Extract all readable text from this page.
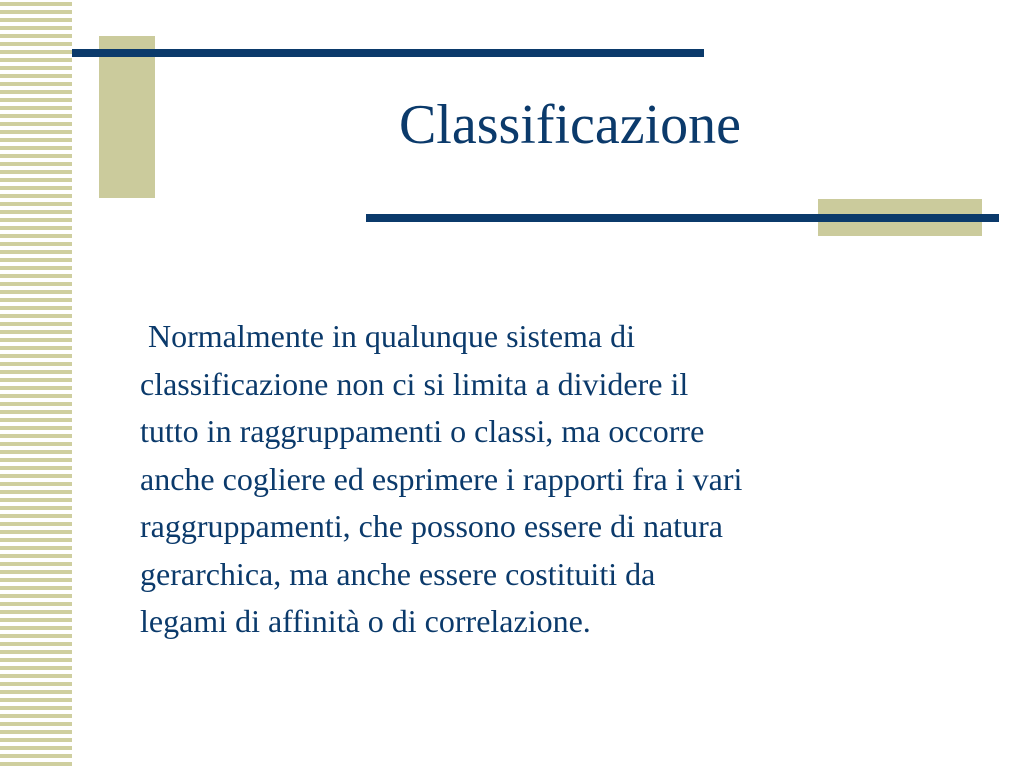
Classificazione

Normalmente in qualunque sistema di
classificazione non ci si limita a dividere il
tutto in raggruppamenti o classi, ma occorre
anche cogliere ed esprimere i rapporti fra i vari
raggruppamenti, che possono essere di natura
gerarchica, ma anche essere costituiti da
legami di affinità o di correlazione.
